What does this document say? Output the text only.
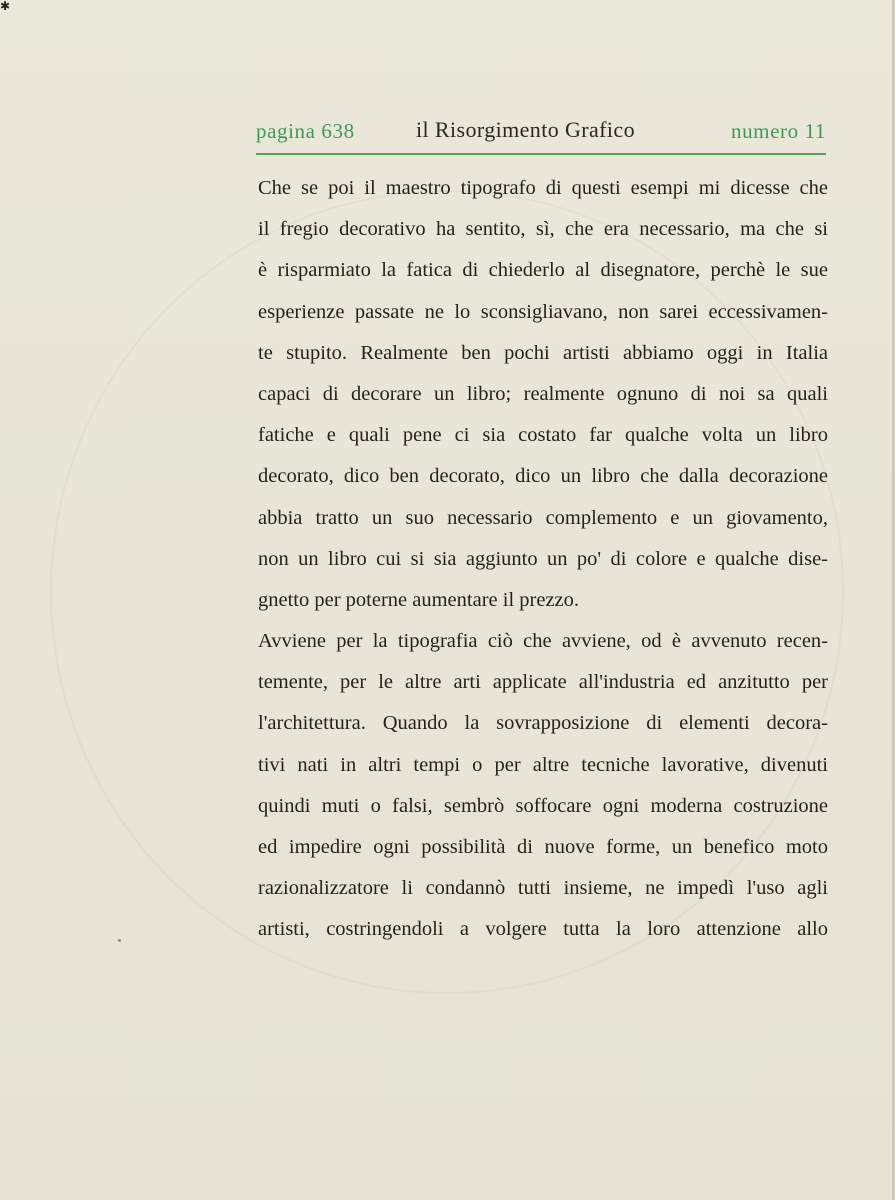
✱
pagina 638	il Risorgimento Grafico	numero 11
Che se poi il maestro tipografo di questi esempi mi dicesse che
il fregio decorativo ha sentito, sì, che era necessario, ma che si
è risparmiato la fatica di chiederlo al disegnatore, perchè le sue
esperienze passate ne lo sconsigliavano, non sarei eccessivamen-
te stupito. Realmente ben pochi artisti abbiamo oggi in Italia
capaci di decorare un libro; realmente ognuno di noi sa quali
fatiche e quali pene ci sia costato far qualche volta un libro
decorato, dico ben decorato, dico un libro che dalla decorazione
abbia tratto un suo necessario complemento e un giovamento,
non un libro cui si sia aggiunto un po' di colore e qualche dise-
gnetto per poterne aumentare il prezzo.
Avviene per la tipografia ciò che avviene, od è avvenuto recen-
temente, per le altre arti applicate all'industria ed anzitutto per
l'architettura. Quando la sovrapposizione di elementi decora-
tivi nati in altri tempi o per altre tecniche lavorative, divenuti
quindi muti o falsi, sembrò soffocare ogni moderna costruzione
ed impedire ogni possibilità di nuove forme, un benefico moto
razionalizzatore li condannò tutti insieme, ne impedì l'uso agli
artisti, costringendoli a volgere tutta la loro attenzione allo
